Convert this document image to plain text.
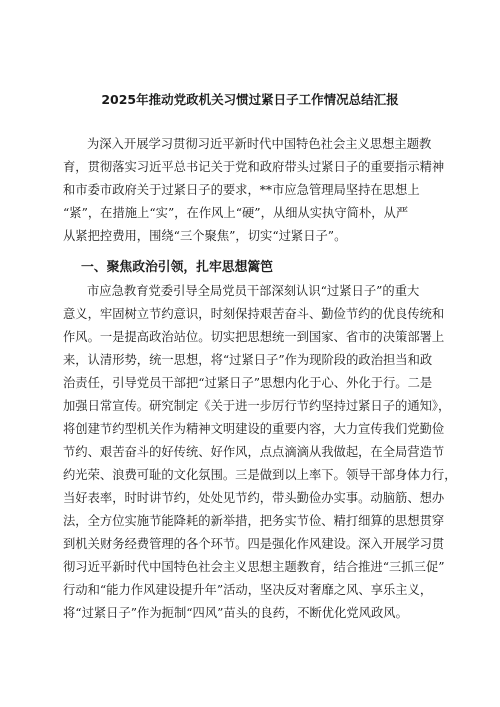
2025年推动党政机关习惯过紧日子工作情况总结汇报
为深入开展学习贯彻习近平新时代中国特色社会主义思想主题教
育，贯彻落实习近平总书记关于党和政府带头过紧日子的重要指示精神
和市委市政府关于过紧日子的要求，**市应急管理局坚持在思想上
“紧”，在措施上“实”，在作风上“硬”，从细从实执守简朴，从严
从紧把控费用，围绕“三个聚焦”，切实“过紧日子”。
一、聚焦政治引领，扎牢思想篱笆
市应急教育党委引导全局党员干部深刻认识“过紧日子”的重大
意义，牢固树立节约意识，时刻保持艰苦奋斗、勤俭节约的优良传统和
作风。一是提高政治站位。切实把思想统一到国家、省市的决策部署上
来，认清形势，统一思想，将“过紧日子”作为现阶段的政治担当和政
治责任，引导党员干部把“过紧日子”思想内化于心、外化于行。二是
加强日常宣传。研究制定《关于进一步厉行节约坚持过紧日子的通知》，
将创建节约型机关作为精神文明建设的重要内容，大力宣传我们党勤俭
节约、艰苦奋斗的好传统、好作风，点点滴滴从我做起，在全局营造节
约光荣、浪费可耻的文化氛围。三是做到以上率下。领导干部身体力行，
当好表率，时时讲节约，处处见节约，带头勤俭办实事。动脑筋、想办
法，全方位实施节能降耗的新举措，把务实节俭、精打细算的思想贯穿
到机关财务经费管理的各个环节。四是强化作风建设。深入开展学习贯
彻习近平新时代中国特色社会主义思想主题教育，结合推进“三抓三促”
行动和“能力作风建设提升年”活动，坚决反对奢靡之风、享乐主义，
将“过紧日子”作为扼制“四风”苗头的良药，不断优化党风政风。
